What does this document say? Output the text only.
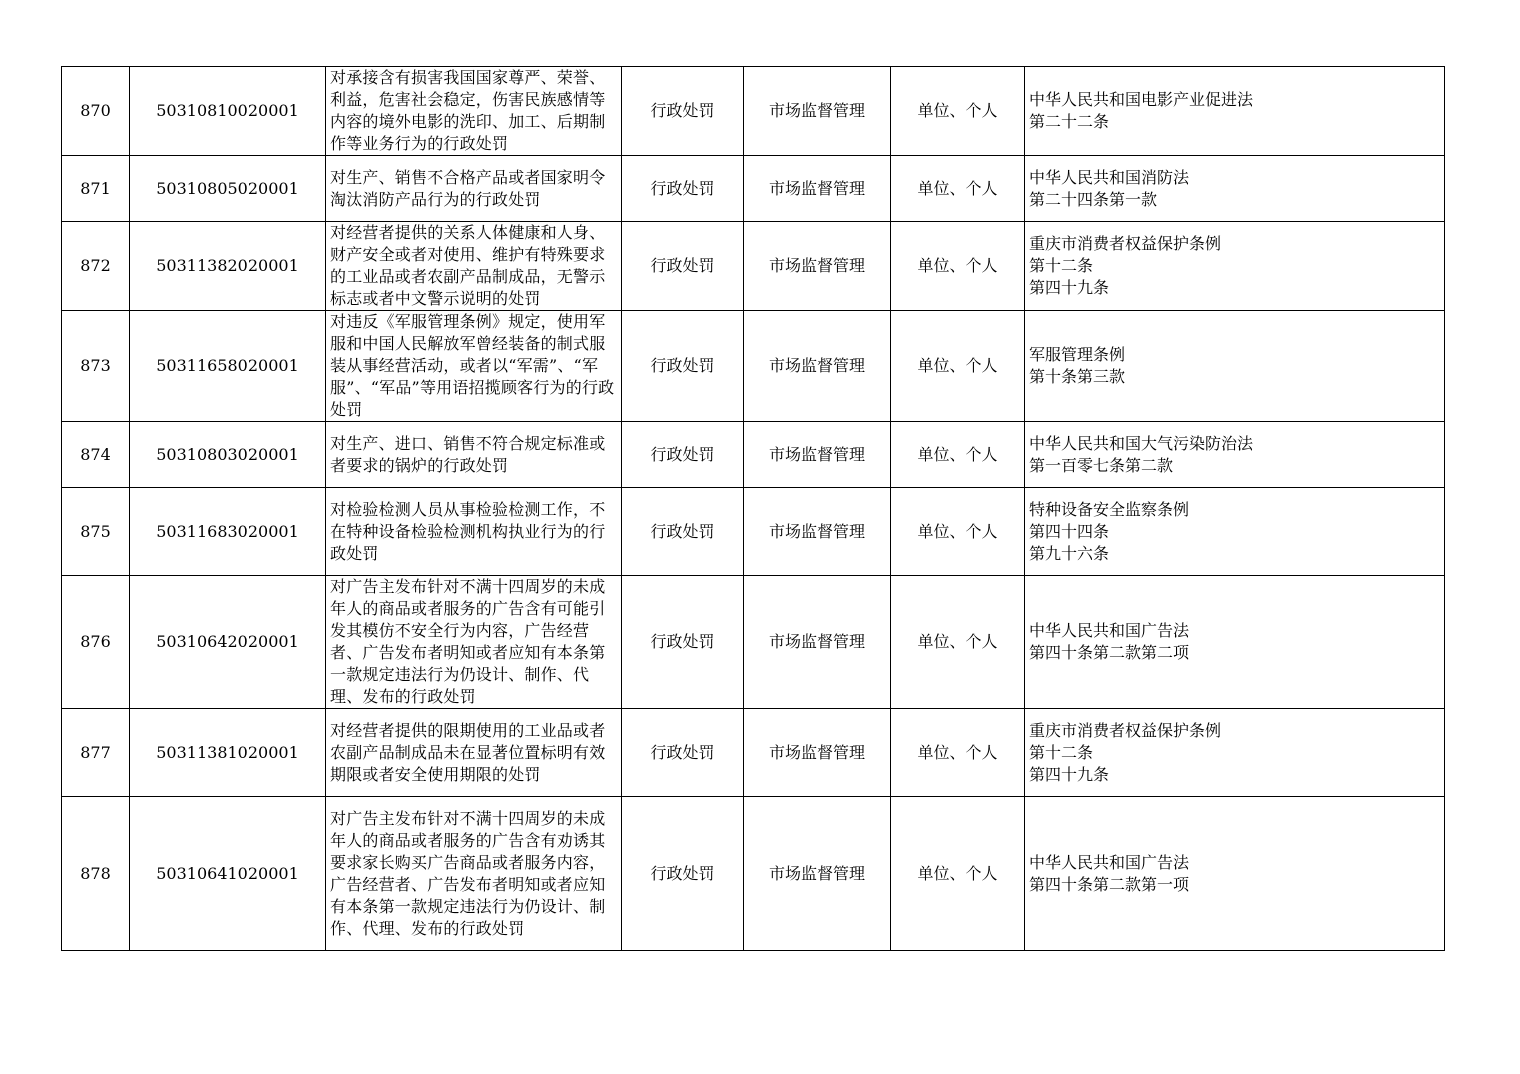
870	50310810020001	对承接含有损害我国国家尊严、荣誉、利益，危害社会稳定，伤害民族感情等内容的境外电影的洗印、加工、后期制作等业务行为的行政处罚	行政处罚	市场监督管理	单位、个人	中华人民共和国电影产业促进法
第二十二条

871	50310805020001	对生产、销售不合格产品或者国家明令淘汰消防产品行为的行政处罚	行政处罚	市场监督管理	单位、个人	中华人民共和国消防法
第二十四条第一款

872	50311382020001	对经营者提供的关系人体健康和人身、财产安全或者对使用、维护有特殊要求的工业品或者农副产品制成品，无警示标志或者中文警示说明的处罚	行政处罚	市场监督管理	单位、个人	重庆市消费者权益保护条例
第十二条
第四十九条

873	50311658020001	对违反《军服管理条例》规定，使用军服和中国人民解放军曾经装备的制式服装从事经营活动，或者以“军需”、“军服”、“军品”等用语招揽顾客行为的行政处罚	行政处罚	市场监督管理	单位、个人	军服管理条例
第十条第三款

874	50310803020001	对生产、进口、销售不符合规定标准或者要求的锅炉的行政处罚	行政处罚	市场监督管理	单位、个人	中华人民共和国大气污染防治法
第一百零七条第二款

875	50311683020001	对检验检测人员从事检验检测工作，不在特种设备检验检测机构执业行为的行政处罚	行政处罚	市场监督管理	单位、个人	特种设备安全监察条例
第四十四条
第九十六条

876	50310642020001	对广告主发布针对不满十四周岁的未成年人的商品或者服务的广告含有可能引发其模仿不安全行为内容，广告经营者、广告发布者明知或者应知有本条第一款规定违法行为仍设计、制作、代理、发布的行政处罚	行政处罚	市场监督管理	单位、个人	中华人民共和国广告法
第四十条第二款第二项

877	50311381020001	对经营者提供的限期使用的工业品或者农副产品制成品未在显著位置标明有效期限或者安全使用期限的处罚	行政处罚	市场监督管理	单位、个人	重庆市消费者权益保护条例
第十二条
第四十九条

878	50310641020001	对广告主发布针对不满十四周岁的未成年人的商品或者服务的广告含有劝诱其要求家长购买广告商品或者服务内容，广告经营者、广告发布者明知或者应知有本条第一款规定违法行为仍设计、制作、代理、发布的行政处罚	行政处罚	市场监督管理	单位、个人	中华人民共和国广告法
第四十条第二款第一项
